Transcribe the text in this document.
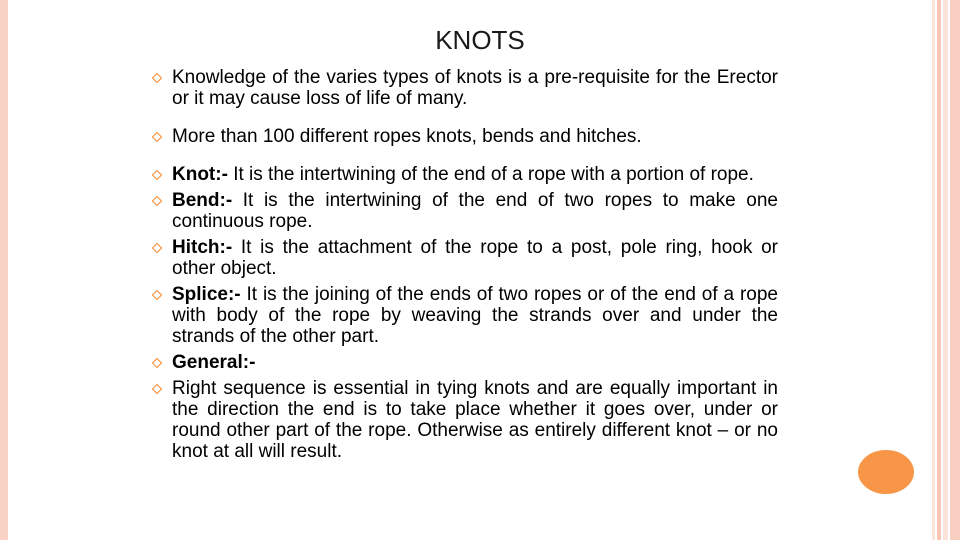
KNOTS
Knowledge of the varies types of knots is a pre-requisite for the Erector or it may cause loss of life of many.
More than 100 different ropes knots, bends and hitches.
Knot:- It is the intertwining of the end of a rope with a portion of rope.
Bend:- It is the intertwining of the end of two ropes to make one continuous rope.
Hitch:- It is the attachment of the rope to a post, pole ring, hook or other object.
Splice:- It is the joining of the ends of two ropes or of the end of a rope with body of the rope by weaving the strands over and under the strands of the other part.
General:-
Right sequence is essential in tying knots and are equally important in the direction the end is to take place whether it goes over, under or round other part of the rope. Otherwise as entirely different knot – or no knot at all will result.
